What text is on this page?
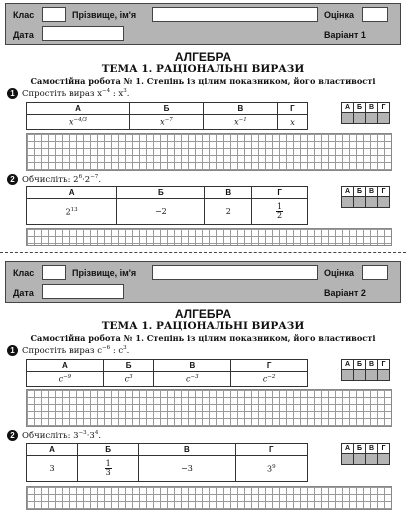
Клас	Прізвище, ім'я	Оцінка
Дата	Варіант 1
АЛГЕБРА
ТЕМА 1. РАЦІОНАЛЬНІ ВИРАЗИ
Самостійна робота № 1. Степінь із цілим показником, його властивості
1 Спростіть вираз $x^{-4}$ : $x^3$.
А	Б	В	Г
$x^{-4/3}$	$x^{-7}$	$x^{-1}$	x
А	Б	В	Г

2 Обчисліть: $2^6\cdot 2^{-7}$.
А	Б	В	Г
$2^{13}$	−2	2	$\frac{1}{2}$
А	Б	В	Г

Клас	Прізвище, ім'я	Оцінка
Дата	Варіант 2
АЛГЕБРА
ТЕМА 1. РАЦІОНАЛЬНІ ВИРАЗИ
Самостійна робота № 1. Степінь із цілим показником, його властивості
1 Спростіть вираз $c^{-6}$ : $c^3$.
А	Б	В	Г
$c^{-9}$	$c^3$	$c^{-3}$	$c^{-2}$
А	Б	В	Г

2 Обчисліть: $3^{-3}\cdot 3^4$.
А	Б	В	Г
3	$\frac{1}{3}$	−3	$3^9$
А	Б	В	Г
